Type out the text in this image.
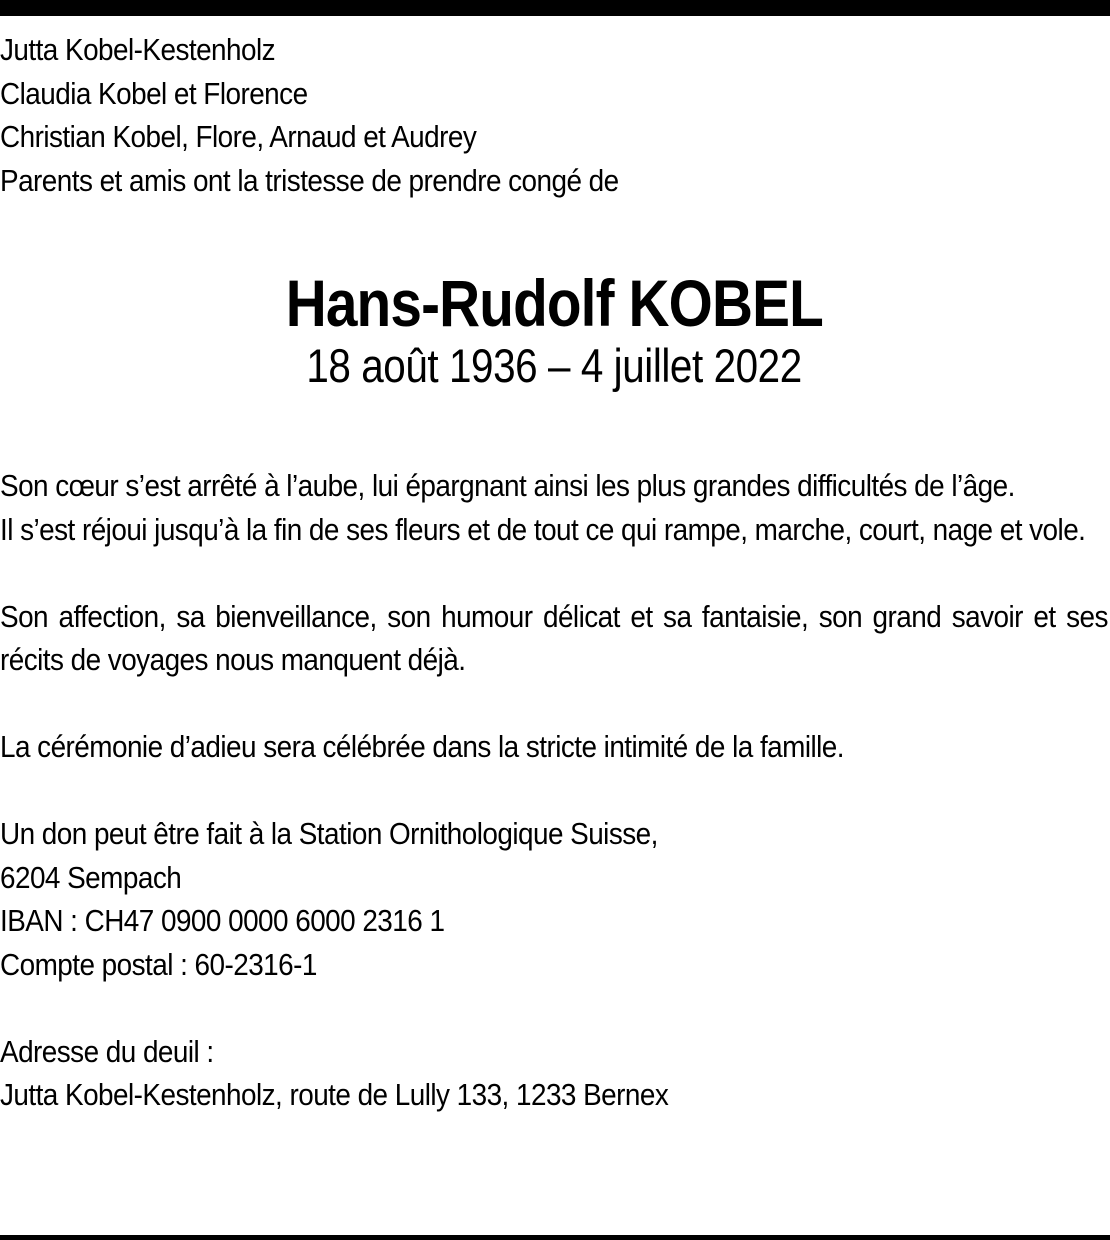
Jutta Kobel-Kestenholz
Claudia Kobel et Florence
Christian Kobel, Flore, Arnaud et Audrey
Parents et amis ont la tristesse de prendre congé de
Hans-Rudolf KOBEL
18 août 1936 – 4 juillet 2022
Son cœur s’est arrêté à l’aube, lui épargnant ainsi les plus grandes difficultés de l’âge.
Il s’est réjoui jusqu’à la fin de ses fleurs et de tout ce qui rampe, marche, court, nage et vole.
Son affection, sa bienveillance, son humour délicat et sa fantaisie, son grand savoir et ses récits de voyages nous manquent déjà.
La cérémonie d’adieu sera célébrée dans la stricte intimité de la famille.
Un don peut être fait à la Station Ornithologique Suisse,
6204 Sempach
IBAN : CH47 0900 0000 6000 2316 1
Compte postal : 60-2316-1
Adresse du deuil :
Jutta Kobel-Kestenholz, route de Lully 133, 1233 Bernex
